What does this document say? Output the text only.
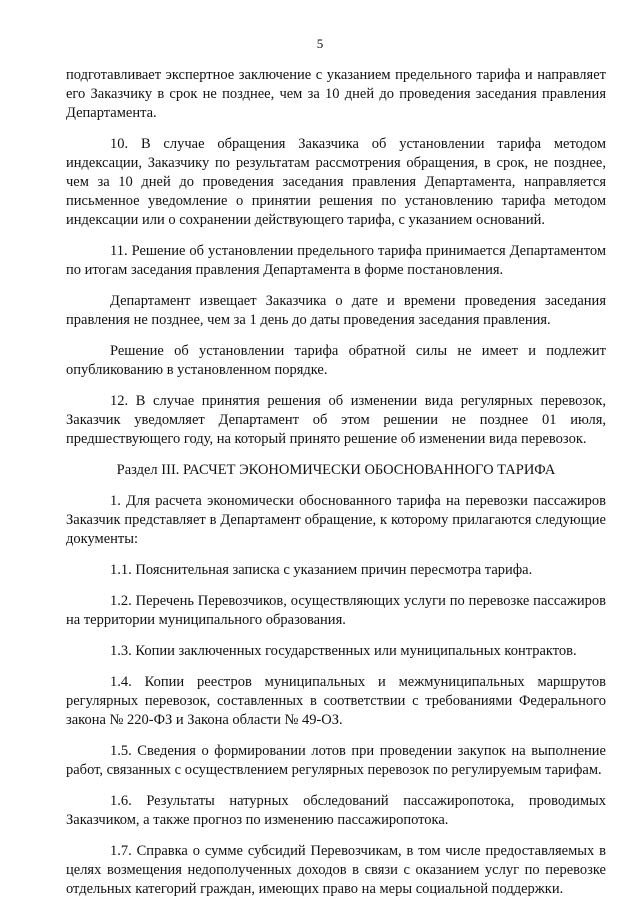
5

подготавливает экспертное заключение с указанием предельного тарифа и направляет его Заказчику в срок не позднее, чем за 10 дней до проведения заседания правления Департамента.

10. В случае обращения Заказчика об установлении тарифа методом индексации, Заказчику по результатам рассмотрения обращения, в срок, не позднее, чем за 10 дней до проведения заседания правления Департамента, направляется письменное уведомление о принятии решения по установлению тарифа методом индексации или о сохранении действующего тарифа, с указанием оснований.

11. Решение об установлении предельного тарифа принимается Департаментом по итогам заседания правления Департамента в форме постановления.

Департамент извещает Заказчика о дате и времени проведения заседания правления не позднее, чем за 1 день до даты проведения заседания правления.

Решение об установлении тарифа обратной силы не имеет и подлежит опубликованию в установленном порядке.

12. В случае принятия решения об изменении вида регулярных перевозок, Заказчик уведомляет Департамент об этом решении не позднее 01 июля, предшествующего году, на который принято решение об изменении вида перевозок.

Раздел III. РАСЧЕТ ЭКОНОМИЧЕСКИ ОБОСНОВАННОГО ТАРИФА

1. Для расчета экономически обоснованного тарифа на перевозки пассажиров Заказчик представляет в Департамент обращение, к которому прилагаются следующие документы:

1.1. Пояснительная записка с указанием причин пересмотра тарифа.

1.2. Перечень Перевозчиков, осуществляющих услуги по перевозке пассажиров на территории муниципального образования.

1.3. Копии заключенных государственных или муниципальных контрактов.

1.4. Копии реестров муниципальных и межмуниципальных маршрутов регулярных перевозок, составленных в соответствии с требованиями Федерального закона № 220-ФЗ и Закона области № 49-ОЗ.

1.5. Сведения о формировании лотов при проведении закупок на выполнение работ, связанных с осуществлением регулярных перевозок по регулируемым тарифам.

1.6. Результаты натурных обследований пассажиропотока, проводимых Заказчиком, а также прогноз по изменению пассажиропотока.

1.7. Справка о сумме субсидий Перевозчикам, в том числе предоставляемых в целях возмещения недополученных доходов в связи с оказанием услуг по перевозке отдельных категорий граждан, имеющих право на меры социальной поддержки.
